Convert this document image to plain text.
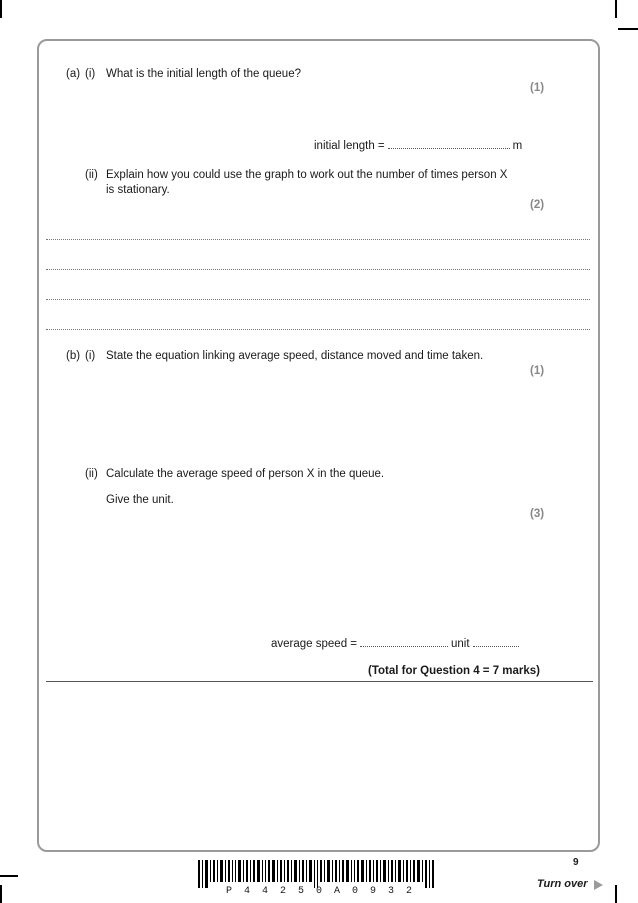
(a) (i) What is the initial length of the queue?
(1)
initial length =	m
(ii) Explain how you could use the graph to work out the number of times person X
is stationary.
(2)
(b) (i) State the equation linking average speed, distance moved and time taken.
(1)
(ii) Calculate the average speed of person X in the queue.
Give the unit.
(3)
average speed =	unit
(Total for Question 4 = 7 marks)
9
P 4 4 2 5 0 A 0 9 3 2
Turn over
